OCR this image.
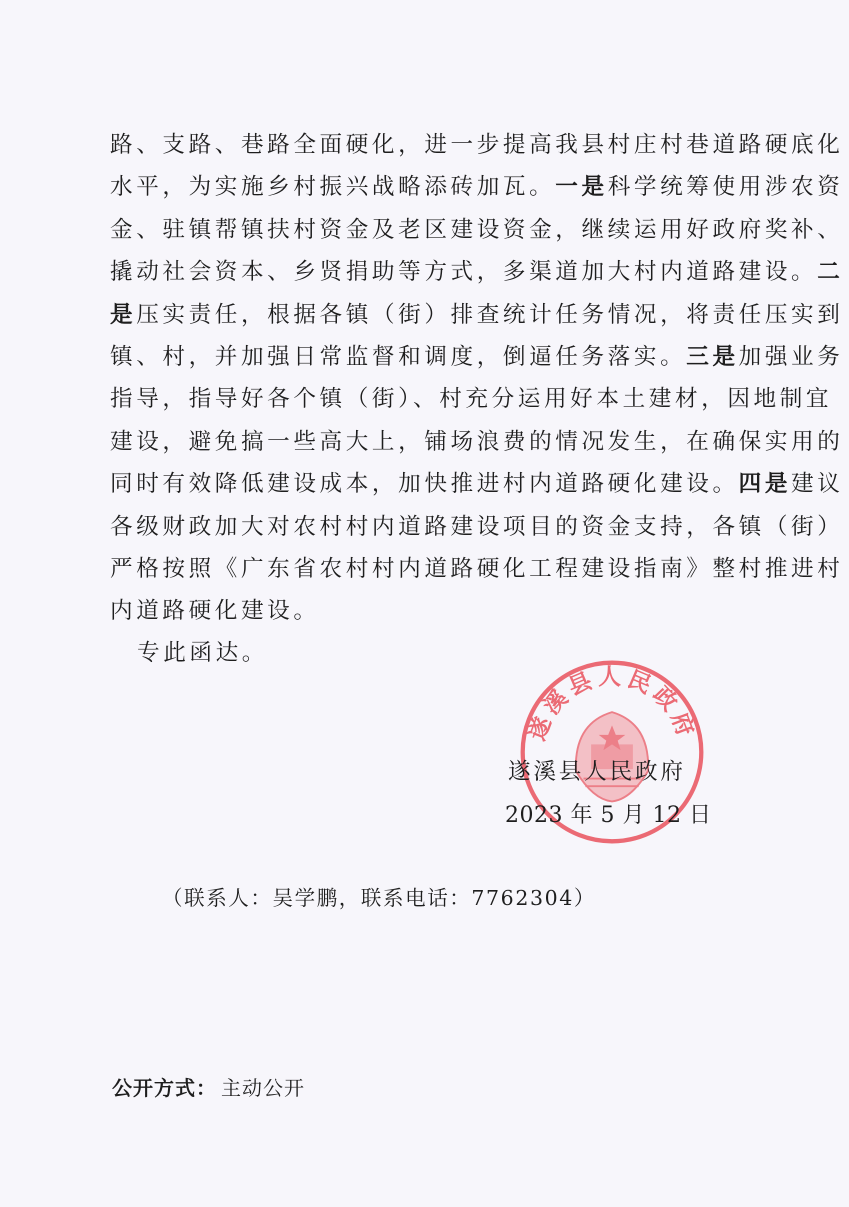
路、支路、巷路全面硬化，进一步提高我县村庄村巷道路硬底化
水平，为实施乡村振兴战略添砖加瓦。一是科学统筹使用涉农资
金、驻镇帮镇扶村资金及老区建设资金，继续运用好政府奖补、
撬动社会资本、乡贤捐助等方式，多渠道加大村内道路建设。二
是压实责任，根据各镇（街）排查统计任务情况，将责任压实到
镇、村，并加强日常监督和调度，倒逼任务落实。三是加强业务
指导，指导好各个镇（街）、村充分运用好本土建材，因地制宜
建设，避免搞一些高大上，铺场浪费的情况发生，在确保实用的
同时有效降低建设成本，加快推进村内道路硬化建设。四是建议
各级财政加大对农村村内道路建设项目的资金支持，各镇（街）
严格按照《广东省农村村内道路硬化工程建设指南》整村推进村
内道路硬化建设。
专此函达。
遂溪县人民政府
遂溪县人民政府
2023 年 5 月 12 日
（联系人：吴学鹏，联系电话：7762304）
公开方式： 主动公开
